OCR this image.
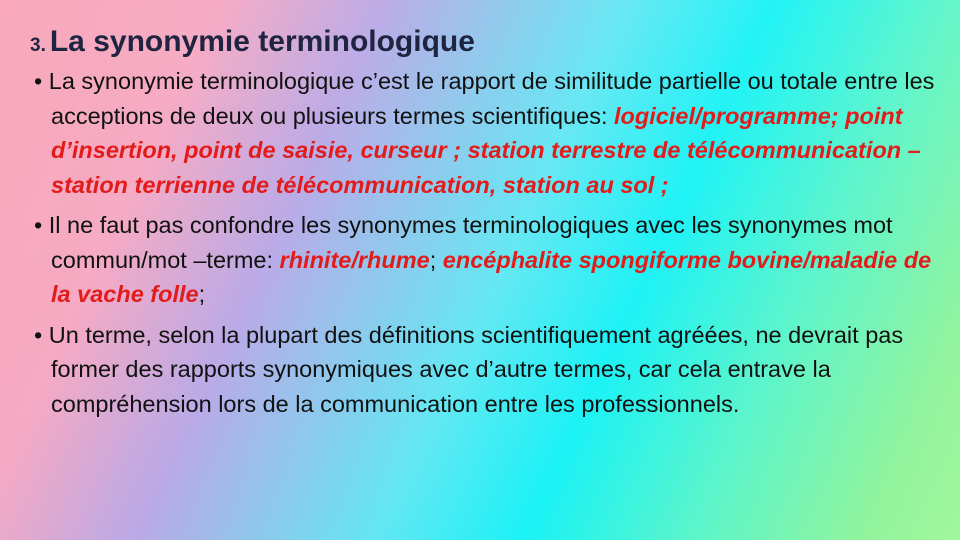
3. La synonymie terminologique
• La synonymie terminologique c’est le rapport de similitude partielle ou totale entre les acceptions de deux ou plusieurs termes scientifiques: logiciel/programme; point d’insertion, point de saisie, curseur ; station terrestre de télécommunication – station terrienne de télécommunication, station au sol ;
• Il ne faut pas confondre les synonymes terminologiques avec les synonymes mot commun/mot –terme: rhinite/rhume; encéphalite spongiforme bovine/maladie de la vache folle;
• Un terme, selon la plupart des définitions scientifiquement agréées, ne devrait pas former des rapports synonymiques avec d’autre termes, car cela entrave la compréhension lors de la communication entre les professionnels.
